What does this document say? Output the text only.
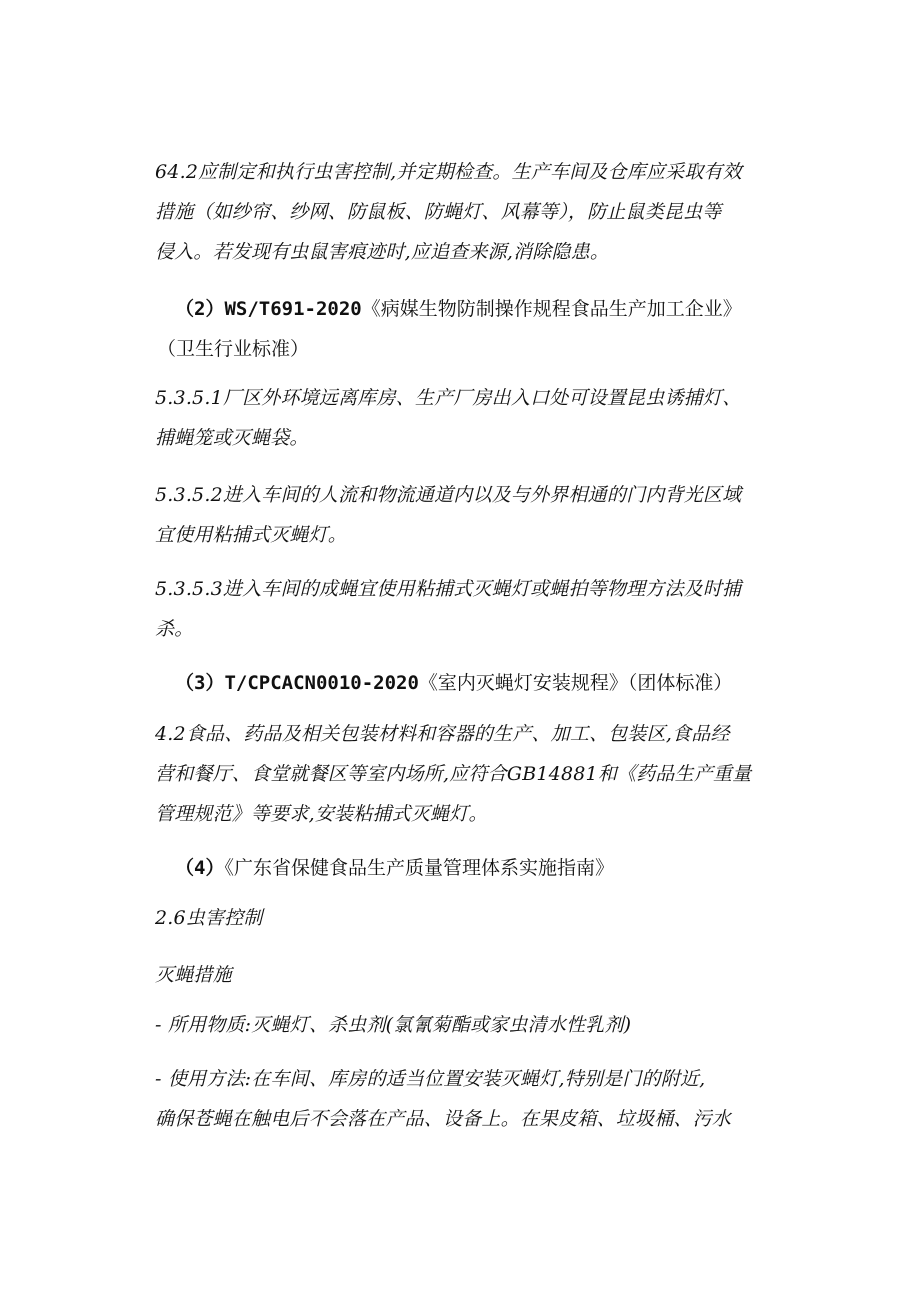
64.2应制定和执行虫害控制,并定期检查。生产车间及仓库应采取有效
措施（如纱帘、纱网、防鼠板、防蝇灯、风幕等），防止鼠类昆虫等
侵入。若发现有虫鼠害痕迹时,应追查来源,消除隐患。
（2）WS/T691-2020《病媒生物防制操作规程食品生产加工企业》
（卫生行业标准）
5.3.5.1厂区外环境远离库房、生产厂房出入口处可设置昆虫诱捕灯、
捕蝇笼或灭蝇袋。
5.3.5.2进入车间的人流和物流通道内以及与外界相通的门内背光区域
宜使用粘捕式灭蝇灯。
5.3.5.3进入车间的成蝇宜使用粘捕式灭蝇灯或蝇拍等物理方法及时捕
杀。
（3）T/CPCACN0010-2020《室内灭蝇灯安装规程》（团体标准）
4.2食品、药品及相关包装材料和容器的生产、加工、包装区,食品经
营和餐厅、食堂就餐区等室内场所,应符合GB14881和《药品生产重量
管理规范》等要求,安装粘捕式灭蝇灯。
（4）《广东省保健食品生产质量管理体系实施指南》
2.6虫害控制
灭蝇措施
- 所用物质:灭蝇灯、杀虫剂(氯氰菊酯或家虫清水性乳剂)
- 使用方法:在车间、库房的适当位置安装灭蝇灯,特别是门的附近,
确保苍蝇在触电后不会落在产品、设备上。在果皮箱、垃圾桶、污水
